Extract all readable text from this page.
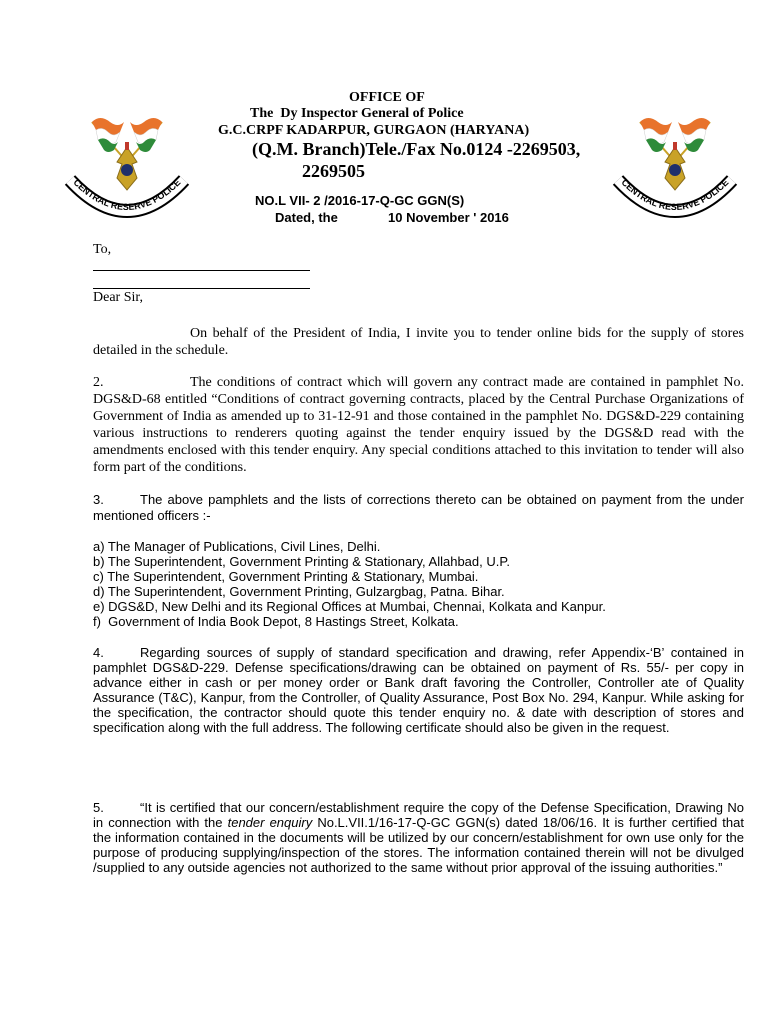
CENTRAL RESERVE POLICE	CENTRAL RESERVE POLICE
OFFICE OF
The  Dy Inspector General of Police
G.C.CRPF KADARPUR, GURGAON (HARYANA)
(Q.M. Branch)Tele./Fax No.0124 -2269503,
2269505
NO.L VII- 2 /2016-17-Q-GC GGN(S)
Dated, the	10 November ' 2016
To,
Dear Sir,

On behalf of the President of India, I invite you to tender online bids for the supply of stores detailed in the schedule.

2.	The conditions of contract which will govern any contract made are contained in pamphlet No. DGS&D-68 entitled “Conditions of contract governing contracts, placed by the Central Purchase Organizations of Government of India as amended up to 31-12-91 and those contained in the pamphlet No. DGS&D-229 containing various instructions to renderers quoting against the tender enquiry issued by the DGS&D read with the amendments enclosed with this tender enquiry. Any special conditions attached to this invitation to tender will also form part of the conditions.

3.	The above pamphlets and the lists of corrections thereto can be obtained on payment from the under mentioned officers :-

a) The Manager of Publications, Civil Lines, Delhi.
b) The Superintendent, Government Printing & Stationary, Allahbad, U.P.
c) The Superintendent, Government Printing & Stationary, Mumbai.
d) The Superintendent, Government Printing, Gulzargbag, Patna. Bihar.
e) DGS&D, New Delhi and its Regional Offices at Mumbai, Chennai, Kolkata and Kanpur.
f)  Government of India Book Depot, 8 Hastings Street, Kolkata.

4.	Regarding sources of supply of standard specification and drawing, refer Appendix-‘B’ contained in pamphlet DGS&D-229. Defense specifications/drawing can be obtained on payment of Rs. 55/- per copy in advance either in cash or per money order or Bank draft favoring the Controller, Controller ate of Quality Assurance (T&C), Kanpur, from the Controller, of Quality Assurance, Post Box No. 294, Kanpur. While asking for the specification, the contractor should quote this tender enquiry no. & date with description of stores and specification along with the full address. The following certificate should also be given in the request.

5.	“It is certified that our concern/establishment require the copy of the Defense Specification, Drawing No in connection with the tender enquiry No.L.VII.1/16-17-Q-GC GGN(s) dated 18/06/16. It is further certified that the information contained in the documents will be utilized by our concern/establishment for own use only for the purpose of producing supplying/inspection of the stores. The information contained therein will not be divulged /supplied to any outside agencies not authorized to the same without prior approval of the issuing authorities.”
